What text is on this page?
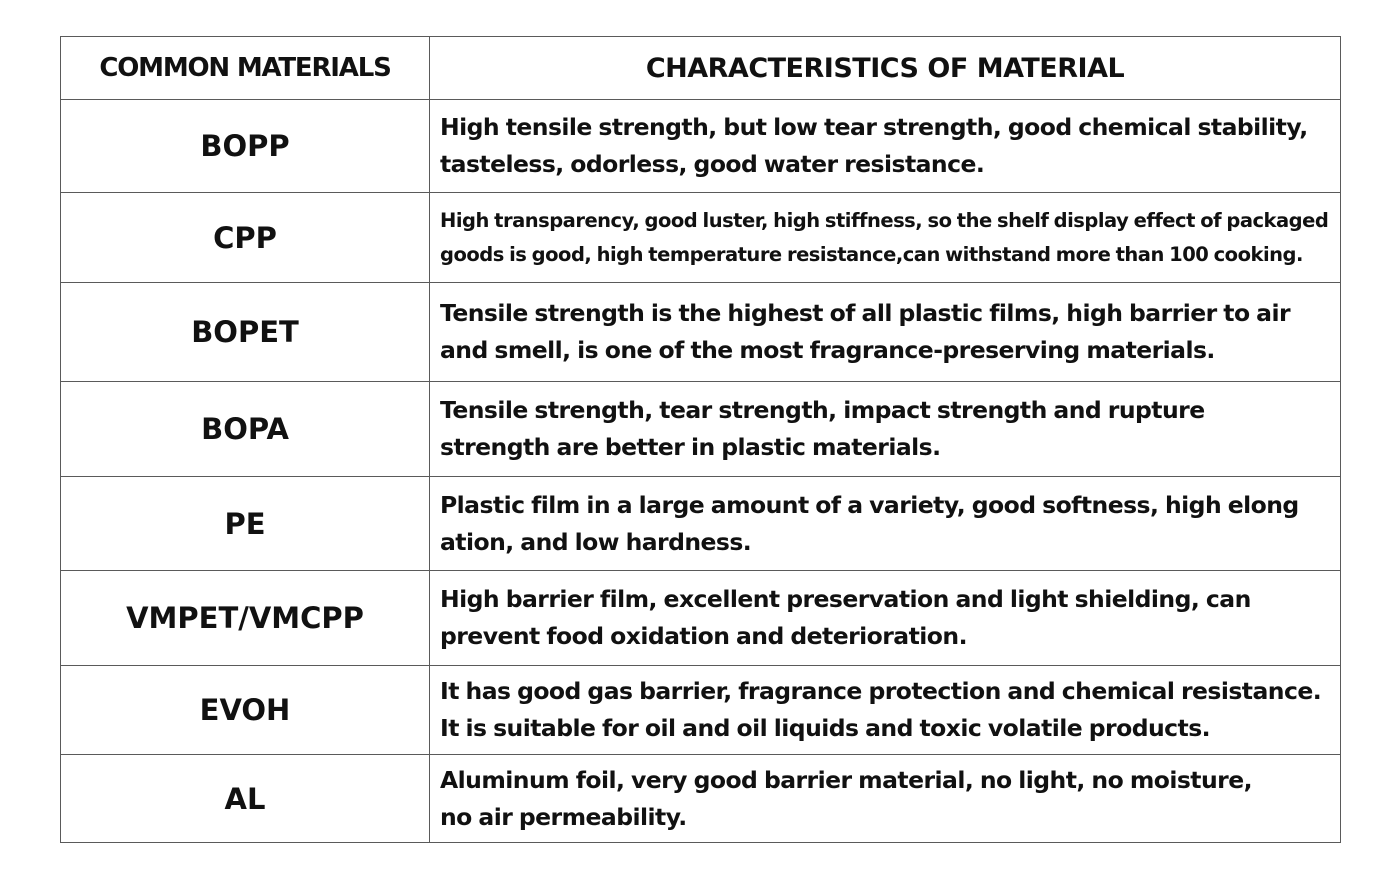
COMMON MATERIALS	CHARACTERISTICS OF MATERIAL
BOPP	High tensile strength, but low tear strength, good chemical stability,
tasteless, odorless, good water resistance.

CPP	High transparency, good luster, high stiffness, so the shelf display effect of packaged
goods is good, high temperature resistance,can withstand more than 100 cooking.

BOPET	Tensile strength is the highest of all plastic films, high barrier to air
and smell, is one of the most fragrance-preserving materials.

BOPA	Tensile strength, tear strength, impact strength and rupture
strength are better in plastic materials.

PE	Plastic film in a large amount of a variety, good softness, high elong
ation, and low hardness.

VMPET/VMCPP	High barrier film, excellent preservation and light shielding, can
prevent food oxidation and deterioration.

EVOH	It has good gas barrier, fragrance protection and chemical resistance.
It is suitable for oil and oil liquids and toxic volatile products.

AL	Aluminum foil, very good barrier material, no light, no moisture,
no air permeability.
